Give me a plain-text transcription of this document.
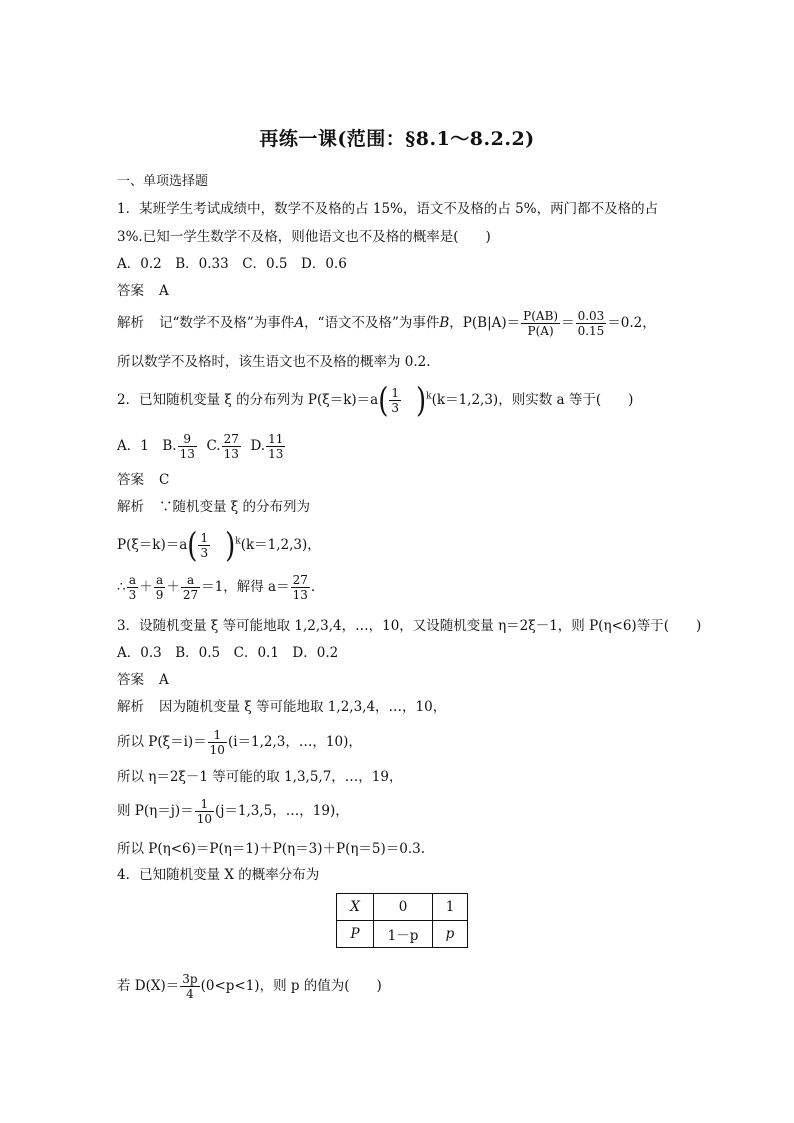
再练一课(范围：§8.1～8.2.2)
一、单项选择题
1．某班学生考试成绩中，数学不及格的占 15%，语文不及格的占 5%，两门都不及格的占
3%.已知一学生数学不及格，则他语文也不及格的概率是(　　)
A．0.2　B．0.33　C．0.5　D．0.6
答案 A
解析 记“数学不及格”为事件A，“语文不及格”为事件B，$P(B|A)= \frac{P(AB)}{P(A)} = \frac{0.03}{0.15} =0.2$，
所以数学不及格时，该生语文也不及格的概率为 0.2.
2．已知随机变量 ξ 的分布列为 $P(\xi=k)=a( \frac{1}{3} )^k(k=1,2,3)$，则实数 a 等于(　　)
A．1　B. $\frac{9}{13} C$. $\frac{27}{13} D$. $\frac{11}{13}$
答案 C
解析 ∵随机变量 ξ 的分布列为
$P(\xi=k)=a( \frac{1}{3} )^k(k=1,2,3)$，
∴ $\frac{a}{3} + \frac{a}{9} + \frac{a}{27} =1$，解得 $a= \frac{27}{13}$ .
3．设随机变量 ξ 等可能地取 1,2,3,4，…，10，又设随机变量 η＝2ξ－1，则 P(η<6)等于(　　)
A．0.3　B．0.5　C．0.1　D．0.2
答案 A
解析 因为随机变量 ξ 等可能地取 1,2,3,4，…，10，
所以 $P(\xi=i)= \frac{1}{10} (i=1,2,3$，…，10)，
所以 η＝2ξ－1 等可能的取 1,3,5,7，…，19，
则 $P(\eta=j)= \frac{1}{10} (j=1,3,5$，…，19)，
所以 P(η<6)＝P(η＝1)＋P(η＝3)＋P(η＝5)＝0.3.
4．已知随机变量 X 的概率分布为
X	0	1
P	1－p	p
若 $D(X)= \frac{3p}{4} (0<p<1)$，则 p 的值为(　　)
